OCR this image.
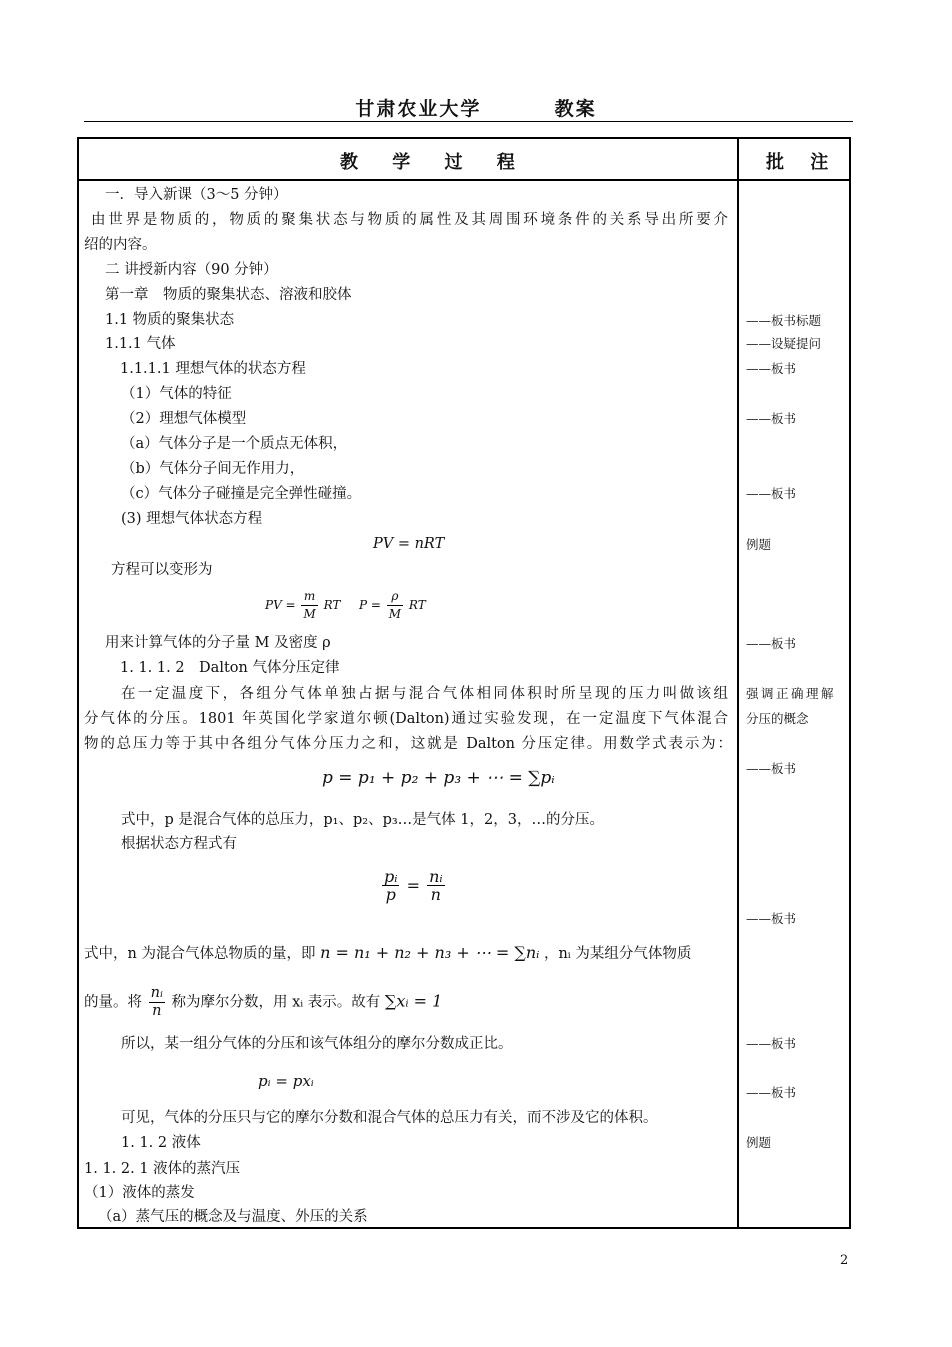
甘肃农业大学	教案
教 学 过 程	批 注
一．导入新课（3～5 分钟）
由世界是物质的，物质的聚集状态与物质的属性及其周围环境条件的关系导出所要介
绍的内容。
二 讲授新内容（90 分钟）
第一章　物质的聚集状态、溶液和胶体
1.1 物质的聚集状态
1.1.1 气体
1.1.1.1 理想气体的状态方程
（1）气体的特征
（2）理想气体模型
（a）气体分子是一个质点无体积，
（b）气体分子间无作用力，
（c）气体分子碰撞是完全弹性碰撞。
(3) 理想气体状态方程
PV = nRT
方程可以变形为
PV = $\frac{m}{M}$ RT $P = \frac{\rho}{M}$ RT
用来计算气体的分子量 M 及密度 ρ
1. 1. 1. 2　Dalton 气体分压定律
在一定温度下，各组分气体单独占据与混合气体相同体积时所呈现的压力叫做该组
分气体的分压。1801 年英国化学家道尔顿(Dalton)通过实验发现，在一定温度下气体混合
物的总压力等于其中各组分气体分压力之和，这就是 Dalton 分压定律。用数学式表示为：
p = p₁ + p₂ + p₃ + ⋯ = ∑pᵢ
式中，p 是混合气体的总压力，p₁、p₂、p₃…是气体 1，2，3，…的分压。
根据状态方程式有
$\frac{\text{pᵢ}}{p} = \frac{\text{nᵢ}}{n}$
式中，n 为混合气体总物质的量，即 n = n₁ + n₂ + n₃ + ⋯ = ∑nᵢ ，nᵢ 为某组分气体物质
的量。将 $\frac{\text{nᵢ}}{n}$ 称为摩尔分数，用 xᵢ 表示。故有 ∑xᵢ = 1
所以，某一组分气体的分压和该气体组分的摩尔分数成正比。
pᵢ = pxᵢ
可见，气体的分压只与它的摩尔分数和混合气体的总压力有关，而不涉及它的体积。
1. 1. 2 液体
1. 1. 2. 1 液体的蒸汽压
（1）液体的蒸发
（a）蒸气压的概念及与温度、外压的关系
——板书标题
——设疑提问
——板书
——板书
——板书
例题
——板书
强调正确理解
分压的概念
——板书
——板书
——板书
——板书
例题
2
